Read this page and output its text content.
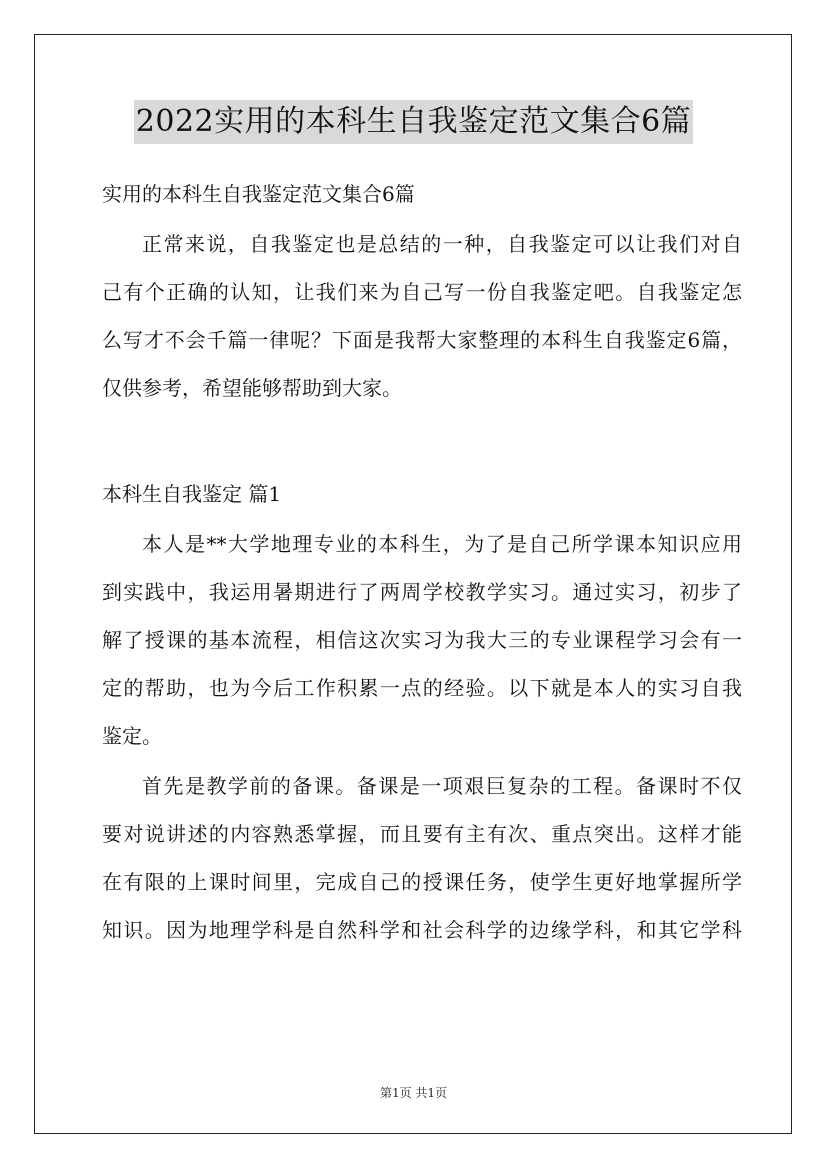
2022实用的本科生自我鉴定范文集合6篇
实用的本科生自我鉴定范文集合6篇
正常来说，自我鉴定也是总结的一种，自我鉴定可以让我们对自
己有个正确的认知，让我们来为自己写一份自我鉴定吧。自我鉴定怎
么写才不会千篇一律呢？下面是我帮大家整理的本科生自我鉴定6篇，
仅供参考，希望能够帮助到大家。
本科生自我鉴定 篇1
本人是**大学地理专业的本科生，为了是自己所学课本知识应用
到实践中，我运用暑期进行了两周学校教学实习。通过实习，初步了
解了授课的基本流程，相信这次实习为我大三的专业课程学习会有一
定的帮助，也为今后工作积累一点的经验。以下就是本人的实习自我
鉴定。
首先是教学前的备课。备课是一项艰巨复杂的工程。备课时不仅
要对说讲述的内容熟悉掌握，而且要有主有次、重点突出。这样才能
在有限的上课时间里，完成自己的授课任务，使学生更好地掌握所学
知识。因为地理学科是自然科学和社会科学的边缘学科，和其它学科
第1页 共1页
